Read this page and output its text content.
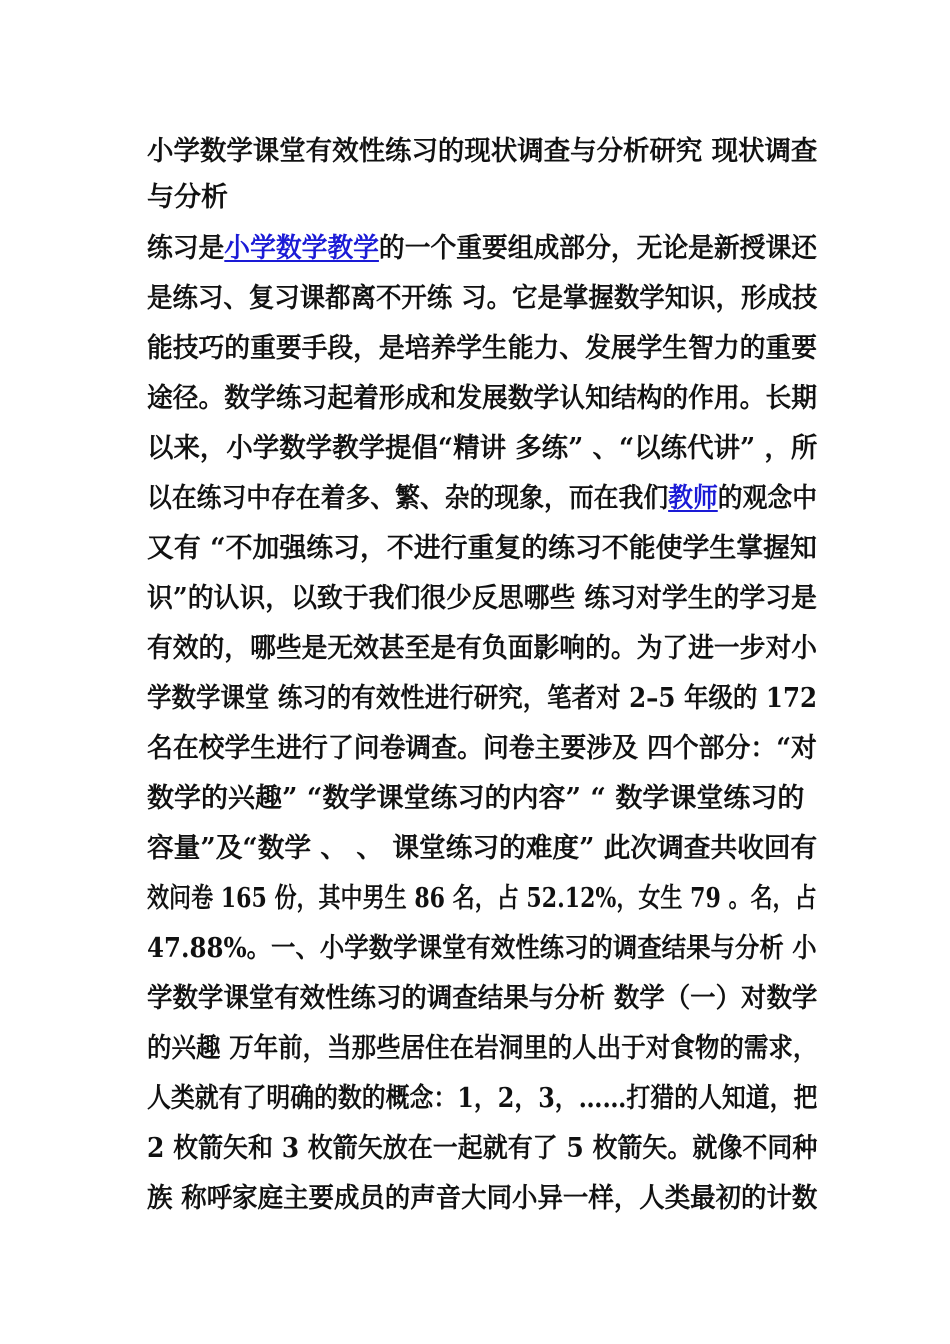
小学数学课堂有效性练习的现状调查与分析研究 现状调查
与分析
练习是小学数学教学的一个重要组成部分，无论是新授课还
是练习、复习课都离不开练 习。它是掌握数学知识，形成技
能技巧的重要手段，是培养学生能力、发展学生智力的重要
途径。数学练习起着形成和发展数学认知结构的作用。长期
以来，小学数学教学提倡“精讲 多练” 、“以练代讲” ，所
以在练习中存在着多、繁、杂的现象，而在我们教师的观念中
又有 “不加强练习，不进行重复的练习不能使学生掌握知
识”的认识，以致于我们很少反思哪些 练习对学生的学习是
有效的，哪些是无效甚至是有负面影响的。为了进一步对小
学数学课堂 练习的有效性进行研究，笔者对 2–5 年级的 172
名在校学生进行了问卷调查。问卷主要涉及 四个部分：“对
数学的兴趣” “数学课堂练习的内容” “ 数学课堂练习的
容量”及“数学 、 、 课堂练习的难度” 此次调查共收回有
效问卷 165 份，其中男生 86 名，占 52.12%，女生 79 。名，占
47.88%。一、小学数学课堂有效性练习的调查结果与分析 小
学数学课堂有效性练习的调查结果与分析 数学（一）对数学
的兴趣 万年前，当那些居住在岩洞里的人出于对食物的需求，
人类就有了明确的数的概念：1，2，3，……打猎的人知道，把
2 枚箭矢和 3 枚箭矢放在一起就有了 5 枚箭矢。就像不同种
族 称呼家庭主要成员的声音大同小异一样，人类最初的计数
